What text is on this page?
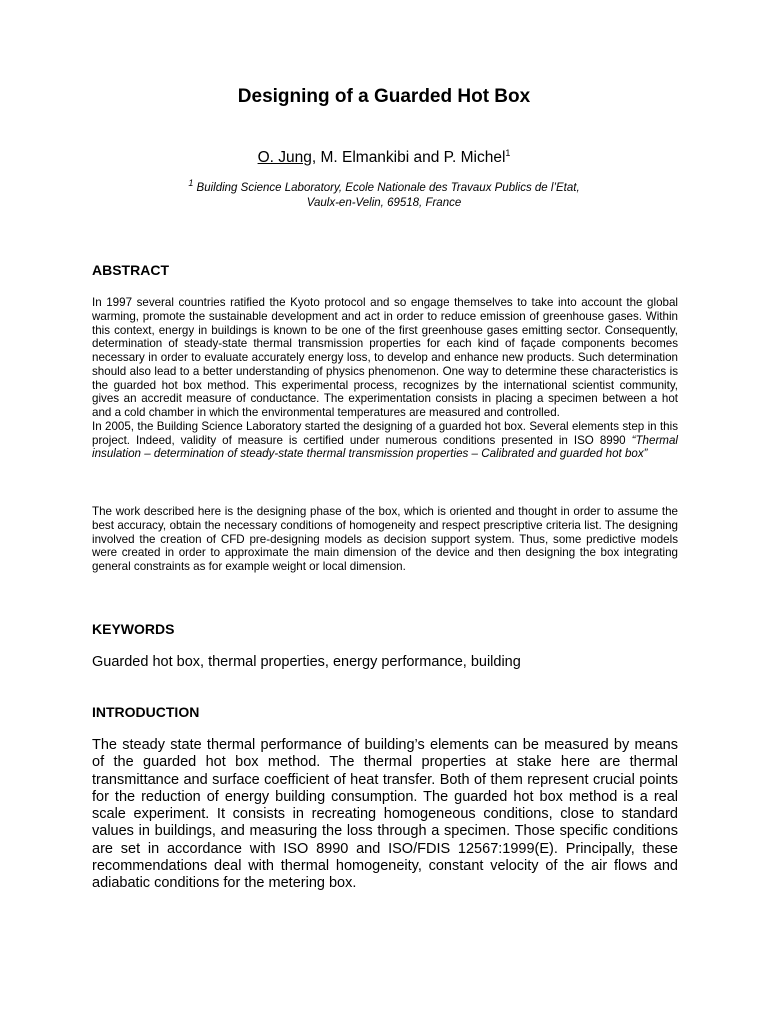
Designing of a Guarded Hot Box
O. Jung, M. Elmankibi and P. Michel$^1$
$^1$ Building Science Laboratory, Ecole Nationale des Travaux Publics de l’Etat,
Vaulx-en-Velin, 69518, France
ABSTRACT

In 1997 several countries ratified the Kyoto protocol and so engage themselves to take into account the global warming, promote the sustainable development and act in order to reduce emission of greenhouse gases. Within this context, energy in buildings is known to be one of the first greenhouse gases emitting sector. Consequently, determination of steady-state thermal transmission properties for each kind of façade components becomes necessary in order to evaluate accurately energy loss, to develop and enhance new products. Such determination should also lead to a better understanding of physics phenomenon. One way to determine these characteristics is the guarded hot box method. This experimental process, recognizes by the international scientist community, gives an accredit measure of conductance. The experimentation consists in placing a specimen between a hot and a cold chamber in which the environmental temperatures are measured and controlled.

In 2005, the Building Science Laboratory started the designing of a guarded hot box. Several elements step in this project. Indeed, validity of measure is certified under numerous conditions presented in ISO 8990 “Thermal insulation – determination of steady-state thermal transmission properties – Calibrated and guarded hot box”

The work described here is the designing phase of the box, which is oriented and thought in order to assume the best accuracy, obtain the necessary conditions of homogeneity and respect prescriptive criteria list. The designing involved the creation of CFD pre-designing models as decision support system. Thus, some predictive models were created in order to approximate the main dimension of the device and then designing the box integrating general constraints as for example weight or local dimension.
KEYWORDS
Guarded hot box, thermal properties, energy performance, building
INTRODUCTION
The steady state thermal performance of building’s elements can be measured by means of the guarded hot box method. The thermal properties at stake here are thermal transmittance and surface coefficient of heat transfer. Both of them represent crucial points for the reduction of energy building consumption. The guarded hot box method is a real scale experiment. It consists in recreating homogeneous conditions, close to standard values in buildings, and measuring the loss through a specimen. Those specific conditions are set in accordance with ISO 8990 and ISO/FDIS 12567:1999(E). Principally, these recommendations deal with thermal homogeneity, constant velocity of the air flows and adiabatic conditions for the metering box.
